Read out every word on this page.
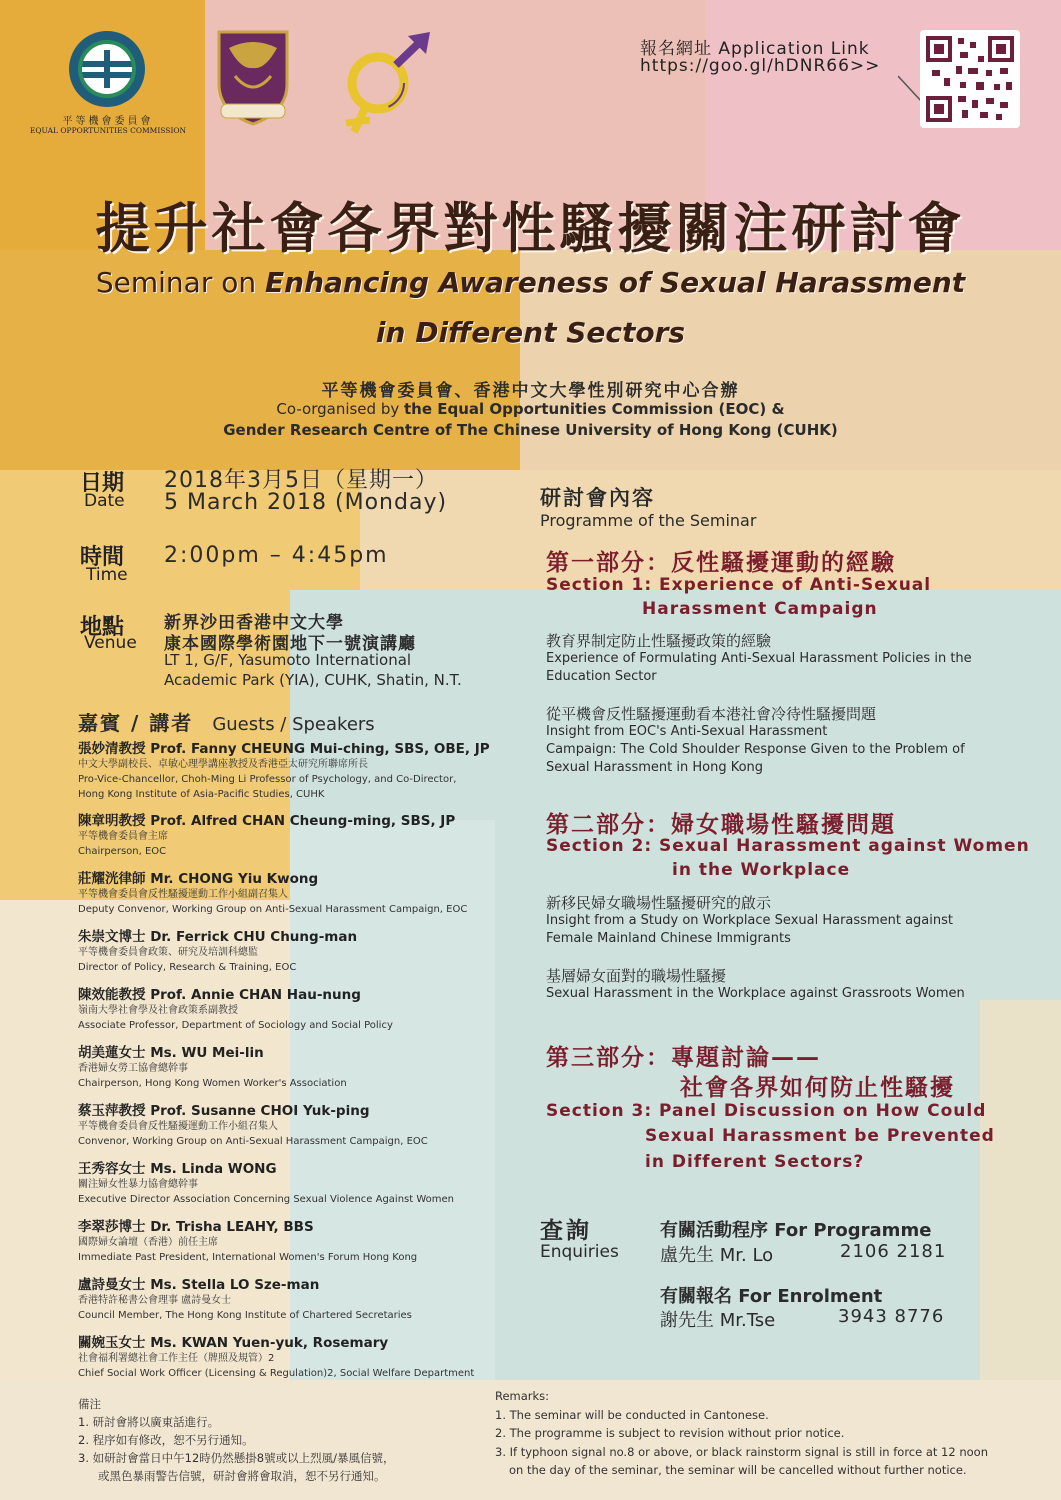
平等機會委員會
EQUAL OPPORTUNITIES COMMISSION
報名網址 Application Link
https://goo.gl/hDNR66>>
提升社會各界對性騷擾關注研討會
Seminar on Enhancing Awareness of Sexual Harassment
in Different Sectors
平等機會委員會、香港中文大學性別研究中心合辦
Co-organised by the Equal Opportunities Commission (EOC) &
Gender Research Centre of The Chinese University of Hong Kong (CUHK)
日期
Date
2018年3月5日（星期一）
5 March 2018 (Monday)
時間
Time
2:00pm – 4:45pm
地點
Venue
新界沙田香港中文大學
康本國際學術園地下一號演講廳
LT 1, G/F, Yasumoto International
Academic Park (YIA), CUHK, Shatin, N.T.
嘉賓 / 講者 Guests / Speakers
張妙清教授 Prof. Fanny CHEUNG Mui-ching, SBS, OBE, JP
中文大學副校長、卓敏心理學講座教授及香港亞太研究所聯席所長
Pro-Vice-Chancellor, Choh-Ming Li Professor of Psychology, and Co-Director,
Hong Kong Institute of Asia-Pacific Studies, CUHK
陳章明教授 Prof. Alfred CHAN Cheung-ming, SBS, JP
平等機會委員會主席
Chairperson, EOC
莊耀洸律師 Mr. CHONG Yiu Kwong
平等機會委員會反性騷擾運動工作小組副召集人
Deputy Convenor, Working Group on Anti-Sexual Harassment Campaign, EOC
朱崇文博士 Dr. Ferrick CHU Chung-man
平等機會委員會政策、研究及培訓科總監
Director of Policy, Research & Training, EOC
陳效能教授 Prof. Annie CHAN Hau-nung
嶺南大學社會學及社會政策系副教授
Associate Professor, Department of Sociology and Social Policy
胡美蓮女士 Ms. WU Mei-lin
香港婦女勞工協會總幹事
Chairperson, Hong Kong Women Worker's Association
蔡玉萍教授 Prof. Susanne CHOI Yuk-ping
平等機會委員會反性騷擾運動工作小組召集人
Convenor, Working Group on Anti-Sexual Harassment Campaign, EOC
王秀容女士 Ms. Linda WONG
關注婦女性暴力協會總幹事
Executive Director Association Concerning Sexual Violence Against Women
李翠莎博士 Dr. Trisha LEAHY, BBS
國際婦女論壇（香港）前任主席
Immediate Past President, International Women's Forum Hong Kong
盧詩曼女士 Ms. Stella LO Sze-man
香港特許秘書公會理事 盧詩曼女士
Council Member, The Hong Kong Institute of Chartered Secretaries
關婉玉女士 Ms. KWAN Yuen-yuk, Rosemary
社會福利署總社會工作主任（牌照及規管）2
Chief Social Work Officer (Licensing & Regulation)2, Social Welfare Department
研討會內容
Programme of the Seminar
第一部分：反性騷擾運動的經驗
Section 1: Experience of Anti-Sexual
Harassment Campaign
教育界制定防止性騷擾政策的經驗
Experience of Formulating Anti-Sexual Harassment Policies in the
Education Sector
從平機會反性騷擾運動看本港社會冷待性騷擾問題
Insight from EOC's Anti-Sexual Harassment
Campaign: The Cold Shoulder Response Given to the Problem of
Sexual Harassment in Hong Kong
第二部分：婦女職場性騷擾問題
Section 2: Sexual Harassment against Women
in the Workplace
新移民婦女職場性騷擾研究的啟示
Insight from a Study on Workplace Sexual Harassment against
Female Mainland Chinese Immigrants
基層婦女面對的職場性騷擾
Sexual Harassment in the Workplace against Grassroots Women
第三部分：專題討論——
社會各界如何防止性騷擾
Section 3: Panel Discussion on How Could
Sexual Harassment be Prevented
in Different Sectors?
查詢
Enquiries
有關活動程序 For Programme
盧先生 Mr. Lo	2106 2181
有關報名 For Enrolment
謝先生 Mr.Tse	3943 8776
備注
1. 研討會將以廣東話進行。
2. 程序如有修改，恕不另行通知。
3. 如研討會當日中午12時仍然懸掛8號或以上烈風/暴風信號，
或黑色暴雨警告信號，研討會將會取消，恕不另行通知。
Remarks:
1. The seminar will be conducted in Cantonese.
2. The programme is subject to revision without prior notice.
3. If typhoon signal no.8 or above, or black rainstorm signal is still in force at 12 noon
on the day of the seminar, the seminar will be cancelled without further notice.
